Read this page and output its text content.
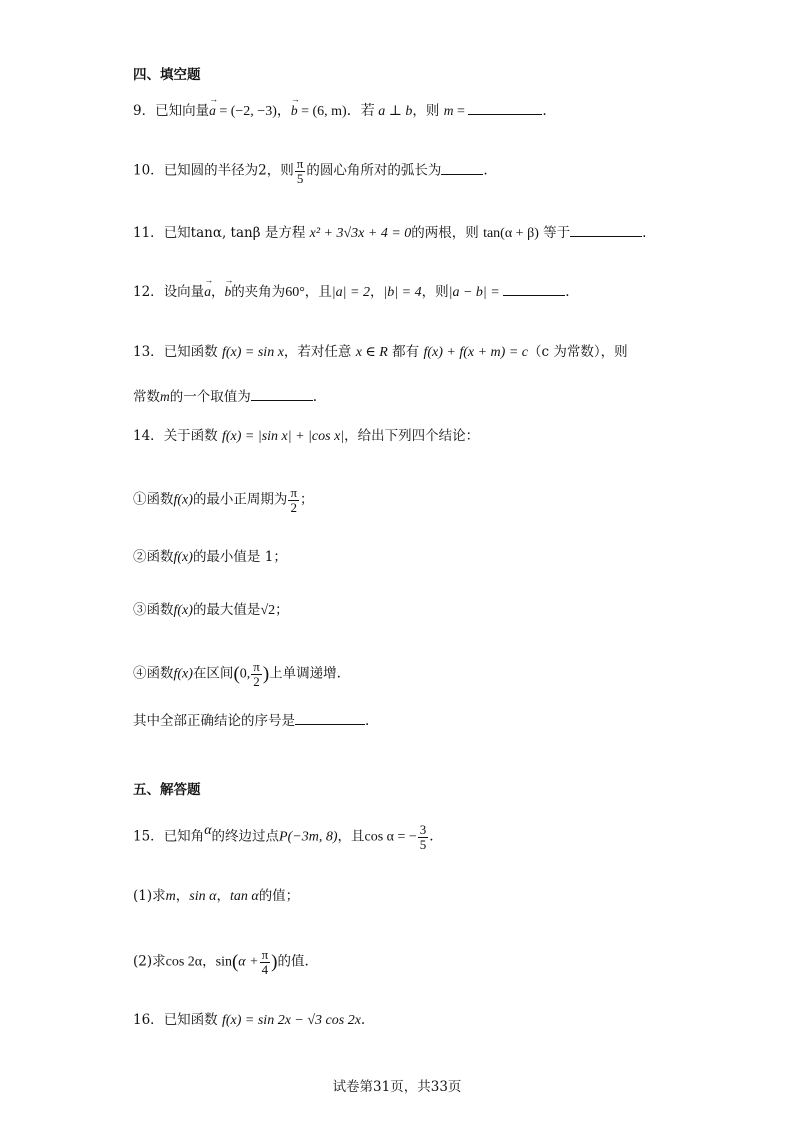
四、填空题
9．已知向量→ a = (−2, −3)，→ b = (6, m)．若 a ⊥ b，则 m =	.
10．已知圆的半径为2，则 $\frac{\pi}{5}$ 的圆心角所对的弧长为	.
11．已知tanα, tanβ 是方程 x² + 3√3x + 4 = 0的两根，则 tan(α + β) 等于	.
12．设向量→ a，→ b的夹角为60°，且|a| = 2，|b| = 4，则|a − b| =	.
13．已知函数 f(x) = sin x，若对任意 x ∈ R 都有 f(x) + f(x + m) = c（c 为常数），则
常数m的一个取值为	.
14．关于函数 f(x) = |sin x| + |cos x|，给出下列四个结论：
①函数f(x)的最小正周期为 $\frac{\pi}{2}$ ；
②函数f(x)的最小值是 1；
③函数f(x)的最大值是√2；
④函数f(x)在区间(0, $\frac{\pi}{2}$ )上单调递增.
其中全部正确结论的序号是	.
五、解答题
15．已知角α的终边过点P(−3m, 8)，且cos α = − $\frac{3}{5}$ .
(1)求m，sin α，tan α的值；
(2)求cos 2α，$\sin(\alpha + \frac{\pi}{4}$ )的值.
16．已知函数 f(x) = sin 2x − √3 cos 2x.
试卷第31页，共33页
